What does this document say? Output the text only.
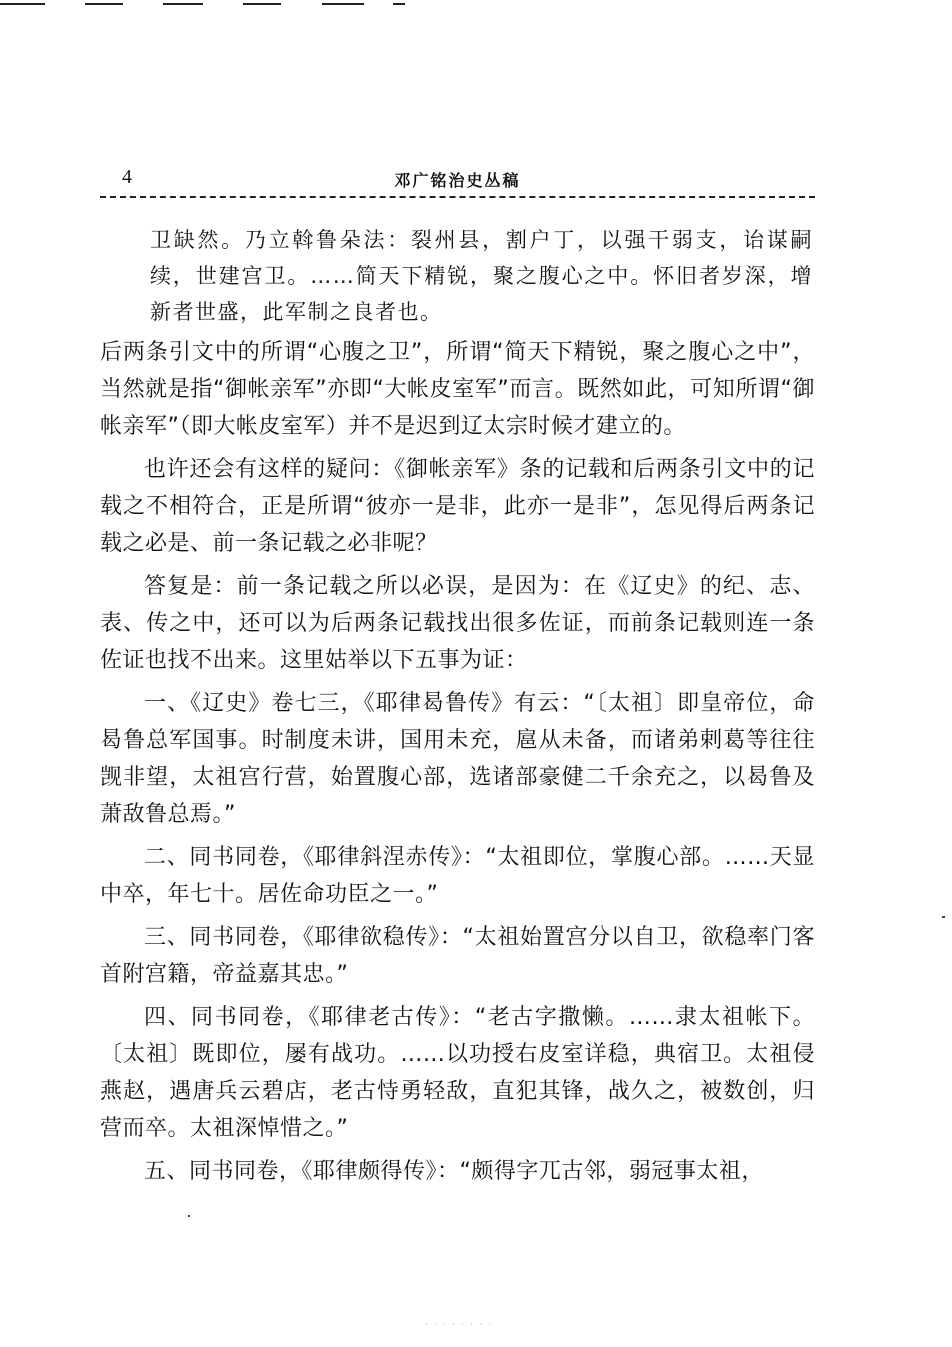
4	邓广铭治史丛稿

卫缺然。乃立斡鲁朵法：裂州县，割户丁，以强干弱支，诒谋嗣续，世建宫卫。……简天下精锐，聚之腹心之中。怀旧者岁深，增新者世盛，此军制之良者也。

后两条引文中的所谓“心腹之卫”，所谓“简天下精锐，聚之腹心之中”，当然就是指“御帐亲军”亦即“大帐皮室军”而言。既然如此，可知所谓“御帐亲军”（即大帐皮室军）并不是迟到辽太宗时候才建立的。

也许还会有这样的疑问：《御帐亲军》条的记载和后两条引文中的记载之不相符合，正是所谓“彼亦一是非，此亦一是非”，怎见得后两条记载之必是、前一条记载之必非呢？

答复是：前一条记载之所以必误，是因为：在《辽史》的纪、志、表、传之中，还可以为后两条记载找出很多佐证，而前条记载则连一条佐证也找不出来。这里姑举以下五事为证：

一、《辽史》卷七三，《耶律曷鲁传》有云：“〔太祖〕即皇帝位，命曷鲁总军国事。时制度未讲，国用未充，扈从未备，而诸弟剌葛等往往觊非望，太祖宫行营，始置腹心部，选诸部豪健二千余充之，以曷鲁及萧敌鲁总焉。”

二、同书同卷，《耶律斜涅赤传》：“太祖即位，掌腹心部。……天显中卒，年七十。居佐命功臣之一。”

三、同书同卷，《耶律欲稳传》：“太祖始置宫分以自卫，欲稳率门客首附宫籍，帝益嘉其忠。”

四、同书同卷，《耶律老古传》：“老古字撒懒。……隶太祖帐下。〔太祖〕既即位，屡有战功。……以功授右皮室详稳，典宿卫。太祖侵燕赵，遇唐兵云碧店，老古恃勇轻敌，直犯其锋，战久之，被数创，归营而卒。太祖深悼惜之。”

五、同书同卷，《耶律颇得传》：“颇得字兀古邻，弱冠事太祖，

· · · · · · · ·
